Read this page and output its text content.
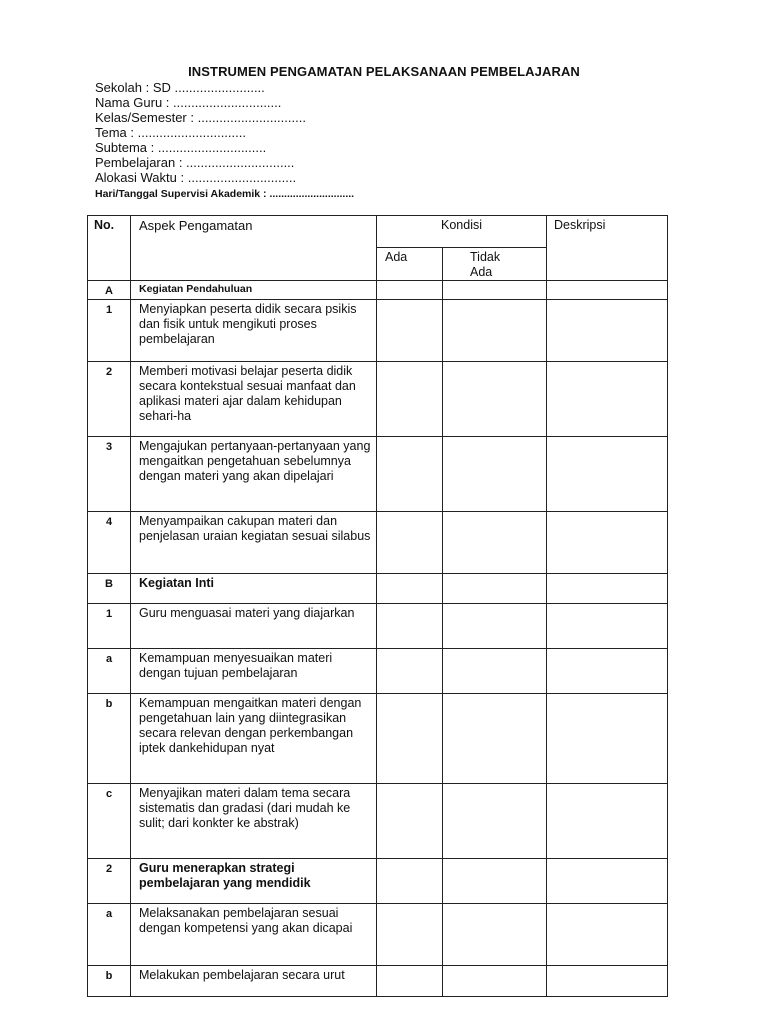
INSTRUMEN PENGAMATAN PELAKSANAAN PEMBELAJARAN
Sekolah : SD .........................
Nama Guru : ..............................
Kelas/Semester : ..............................
Tema : ..............................
Subtema : ..............................
Pembelajaran : ..............................
Alokasi Waktu : ..............................
Hari/Tanggal Supervisi Akademik : .............................
No.	Aspek Pengamatan	Kondisi		Deskripsi
		Ada	Tidak
Ada	
A	Kegiatan Pendahuluan			
1	Menyiapkan peserta didik secara psikis dan fisik untuk mengikuti proses pembelajaran			
2	Memberi motivasi belajar peserta didik secara kontekstual sesuai manfaat dan aplikasi materi ajar dalam kehidupan sehari-ha			
3	Mengajukan pertanyaan-pertanyaan yang mengaitkan pengetahuan sebelumnya dengan materi yang akan dipelajari			
4	Menyampaikan cakupan materi dan penjelasan uraian kegiatan sesuai silabus			
B	Kegiatan Inti			
1	Guru menguasai materi yang diajarkan			
a	Kemampuan menyesuaikan materi dengan tujuan pembelajaran			
b	Kemampuan mengaitkan materi dengan pengetahuan lain yang diintegrasikan secara relevan dengan perkembangan iptek dankehidupan nyat			
c	Menyajikan materi dalam tema secara sistematis dan gradasi (dari mudah ke sulit; dari konkter ke abstrak)			
2	Guru menerapkan strategi pembelajaran yang mendidik			
a	Melaksanakan pembelajaran sesuai dengan kompetensi yang akan dicapai			
b	Melakukan pembelajaran secara urut			
